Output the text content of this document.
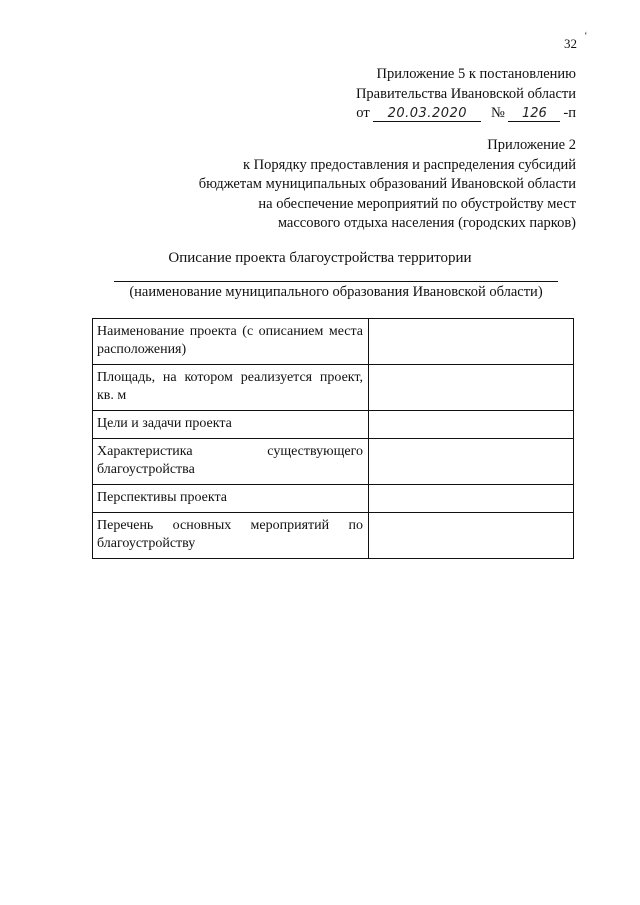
32 ‘
Приложение 5 к постановлению
Правительства Ивановской области
от 20.03.2020 № 126 -п
Приложение 2
к Порядку предоставления и распределения субсидий
бюджетам муниципальных образований Ивановской области
на обеспечение мероприятий по обустройству мест
массового отдыха населения (городских парков)
Описание проекта благоустройства территории
(наименование муниципального образования Ивановской области)
Наименование проекта (с описанием места расположения)	
Площадь, на котором реализуется проект, кв. м	
Цели и задачи проекта	
Характеристика существующего благоустройства	
Перспективы проекта	
Перечень основных мероприятий по благоустройству	
